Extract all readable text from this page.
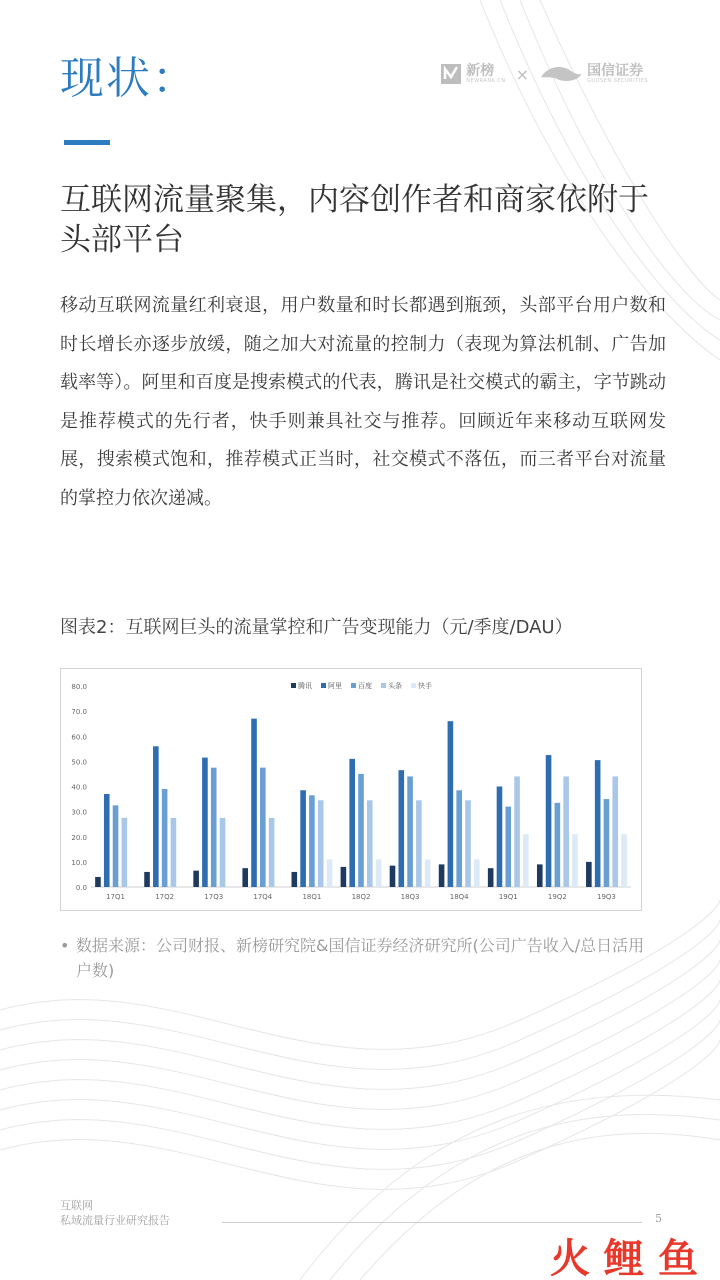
现状：	新榜
NEWRANK.CN ×	国信证券
GUOSEN SECURITIES
互联网流量聚集，内容创作者和商家依附于头部平台
移动互联网流量红利衰退，用户数量和时长都遇到瓶颈，头部平台用户数和时长增长亦逐步放缓，随之加大对流量的控制力（表现为算法机制、广告加载率等）。阿里和百度是搜索模式的代表，腾讯是社交模式的霸主，字节跳动是推荐模式的先行者，快手则兼具社交与推荐。回顾近年来移动互联网发展，搜索模式饱和，推荐模式正当时，社交模式不落伍，而三者平台对流量的掌控力依次递减。
图表2：互联网巨头的流量掌控和广告变现能力（元/季度/DAU）
0.0
10.0
20.0
30.0
40.0
50.0
60.0
70.0
80.0	腾讯 阿里 百度 头条 快手
17Q1	17Q2	17Q3	17Q4	18Q1	18Q2	18Q3	18Q4	19Q1	19Q2	19Q3
• 数据来源：公司财报、新榜研究院&国信证券经济研究所(公司广告收入/总日活用户数)
互联网
私域流量行业研究报告	5
火鲤鱼
